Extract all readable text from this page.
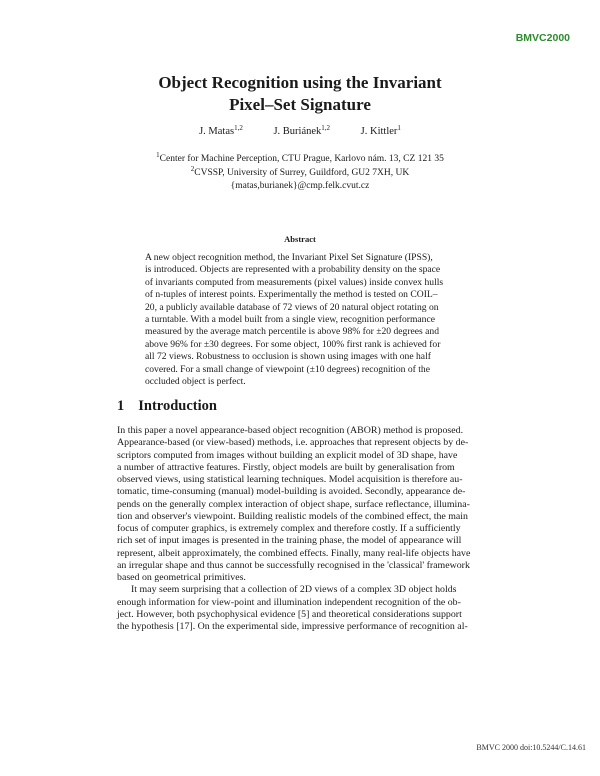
BMVC2000
Object Recognition using the Invariant
Pixel–Set Signature
J. Matas$^{1,2}$	J. Buriánek$^{1,2}$	J. Kittler$^1$
$^1$Center for Machine Perception, CTU Prague, Karlovo nám. 13, CZ 121 35
$^2$CVSSP, University of Surrey, Guildford, GU2 7XH, UK
{matas,burianek}@cmp.felk.cvut.cz
Abstract
A new object recognition method, the Invariant Pixel Set Signature (IPSS),
is introduced. Objects are represented with a probability density on the space
of invariants computed from measurements (pixel values) inside convex hulls
of n-tuples of interest points. Experimentally the method is tested on COIL–
20, a publicly available database of 72 views of 20 natural object rotating on
a turntable. With a model built from a single view, recognition performance
measured by the average match percentile is above 98% for ±20 degrees and
above 96% for ±30 degrees. For some object, 100% first rank is achieved for
all 72 views. Robustness to occlusion is shown using images with one half
covered. For a small change of viewpoint (±10 degrees) recognition of the
occluded object is perfect.
1 Introduction
In this paper a novel appearance-based object recognition (ABOR) method is proposed.
Appearance-based (or view-based) methods, i.e. approaches that represent objects by de-
scriptors computed from images without building an explicit model of 3D shape, have
a number of attractive features. Firstly, object models are built by generalisation from
observed views, using statistical learning techniques. Model acquisition is therefore au-
tomatic, time-consuming (manual) model-building is avoided. Secondly, appearance de-
pends on the generally complex interaction of object shape, surface reflectance, illumina-
tion and observer's viewpoint. Building realistic models of the combined effect, the main
focus of computer graphics, is extremely complex and therefore costly. If a sufficiently
rich set of input images is presented in the training phase, the model of appearance will
represent, albeit approximately, the combined effects. Finally, many real-life objects have
an irregular shape and thus cannot be successfully recognised in the 'classical' framework
based on geometrical primitives.
It may seem surprising that a collection of 2D views of a complex 3D object holds
enough information for view-point and illumination independent recognition of the ob-
ject. However, both psychophysical evidence [5] and theoretical considerations support
the hypothesis [17]. On the experimental side, impressive performance of recognition al-
BMVC 2000 doi:10.5244/C.14.61
